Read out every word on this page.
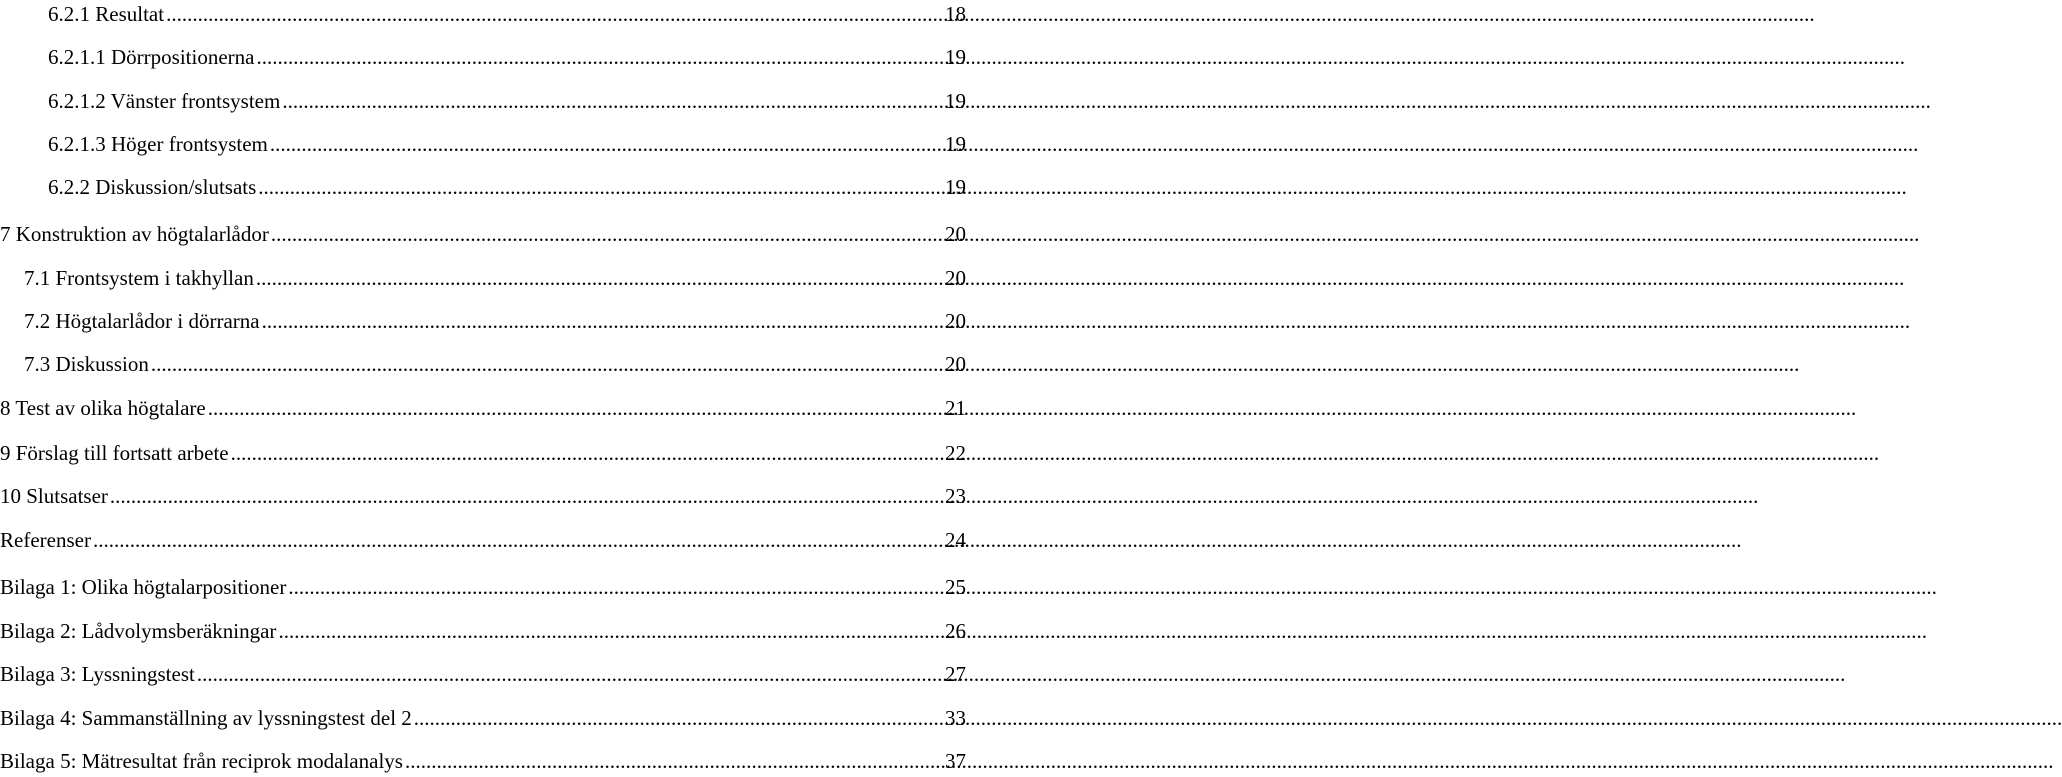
6.2.1 Resultat .....	18
6.2.1.1 Dörrpositionerna .....	19
6.2.1.2 Vänster frontsystem .....	19
6.2.1.3 Höger frontsystem .....	19
6.2.2 Diskussion/slutsats .....	19
7 Konstruktion av högtalarlådor .....	20
7.1 Frontsystem i takhyllan .....	20
7.2 Högtalarlådor i dörrarna .....	20
7.3 Diskussion .....	20
8 Test av olika högtalare .....	21
9 Förslag till fortsatt arbete .....	22
10 Slutsatser .....	23
Referenser .....	24
Bilaga 1: Olika högtalarpositioner .....	25
Bilaga 2: Lådvolymsberäkningar .....	26
Bilaga 3: Lyssningstest .....	27
Bilaga 4: Sammanställning av lyssningstest del 2 .....	33
Bilaga 5: Mätresultat från reciprok modalanalys .....	37
